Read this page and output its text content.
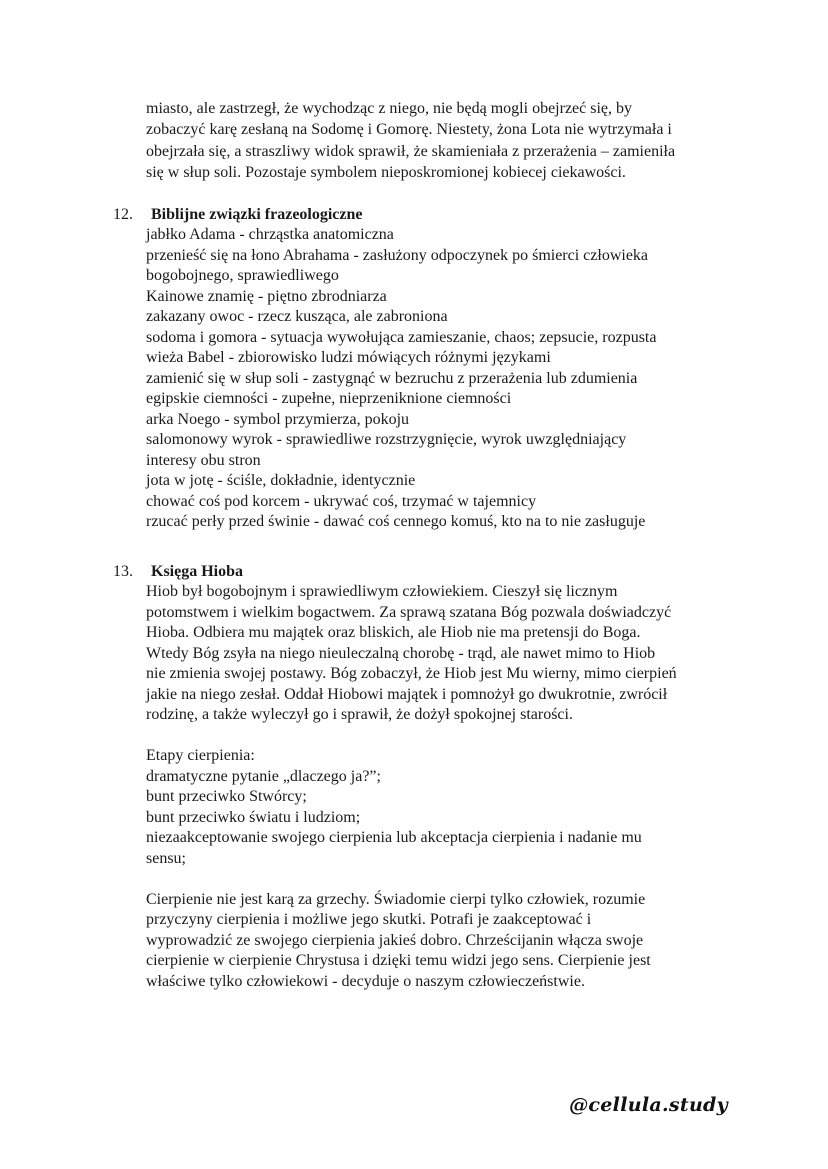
miasto, ale zastrzegł, że wychodząc z niego, nie będą mogli obejrzeć się, by
zobaczyć karę zesłaną na Sodomę i Gomorę. Niestety, żona Lota nie wytrzymała i
obejrzała się, a straszliwy widok sprawił, że skamieniała z przerażenia – zamieniła
się w słup soli. Pozostaje symbolem nieposkromionej kobiecej ciekawości.
12. Biblijne związki frazeologiczne
jabłko Adama - chrząstka anatomiczna
przenieść się na łono Abrahama - zasłużony odpoczynek po śmierci człowieka
bogobojnego, sprawiedliwego
Kainowe znamię - piętno zbrodniarza
zakazany owoc - rzecz kusząca, ale zabroniona
sodoma i gomora - sytuacja wywołująca zamieszanie, chaos; zepsucie, rozpusta
wieża Babel - zbiorowisko ludzi mówiących różnymi językami
zamienić się w słup soli - zastygnąć w bezruchu z przerażenia lub zdumienia
egipskie ciemności - zupełne, nieprzeniknione ciemności
arka Noego - symbol przymierza, pokoju
salomonowy wyrok - sprawiedliwe rozstrzygnięcie, wyrok uwzględniający
interesy obu stron
jota w jotę - ściśle, dokładnie, identycznie
chować coś pod korcem - ukrywać coś, trzymać w tajemnicy
rzucać perły przed świnie - dawać coś cennego komuś, kto na to nie zasługuje
13. Księga Hioba
Hiob był bogobojnym i sprawiedliwym człowiekiem. Cieszył się licznym
potomstwem i wielkim bogactwem. Za sprawą szatana Bóg pozwala doświadczyć
Hioba. Odbiera mu majątek oraz bliskich, ale Hiob nie ma pretensji do Boga.
Wtedy Bóg zsyła na niego nieuleczalną chorobę - trąd, ale nawet mimo to Hiob
nie zmienia swojej postawy. Bóg zobaczył, że Hiob jest Mu wierny, mimo cierpień
jakie na niego zesłał. Oddał Hiobowi majątek i pomnożył go dwukrotnie, zwrócił
rodzinę, a także wyleczył go i sprawił, że dożył spokojnej starości.
Etapy cierpienia:
dramatyczne pytanie „dlaczego ja?”;
bunt przeciwko Stwórcy;
bunt przeciwko światu i ludziom;
niezaakceptowanie swojego cierpienia lub akceptacja cierpienia i nadanie mu
sensu;
Cierpienie nie jest karą za grzechy. Świadomie cierpi tylko człowiek, rozumie
przyczyny cierpienia i możliwe jego skutki. Potrafi je zaakceptować i
wyprowadzić ze swojego cierpienia jakieś dobro. Chrześcijanin włącza swoje
cierpienie w cierpienie Chrystusa i dzięki temu widzi jego sens. Cierpienie jest
właściwe tylko człowiekowi - decyduje o naszym człowieczeństwie.
@cellula.study
